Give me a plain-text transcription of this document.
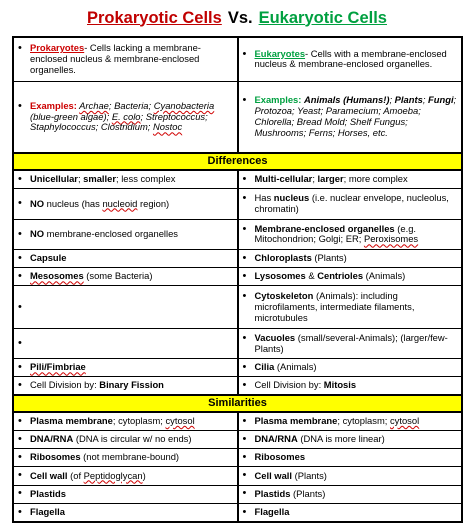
Prokaryotic Cells Vs. Eukaryotic Cells
• Prokaryotes- Cells lacking a membrane-enclosed nucleus & membrane-enclosed organelles.	• Eukaryotes- Cells with a membrane-enclosed nucleus & membrane-enclosed organelles.

• Examples: Archae; Bacteria; Cyanobacteria (blue-green algae); E. colo; Streptococcus; Staphylococcus; Clostridium; Nostoc	• Examples: Animals (Humans!); Plants; Fungi; Protozoa; Yeast; Paramecium; Amoeba; Chlorella; Bread Mold; Shelf Fungus; Mushrooms; Ferns; Horses, etc.

Differences	

• Unicellular; smaller; less complex	• Multi-cellular; larger; more complex

• NO nucleus (has nucleoid region)	• Has nucleus (i.e. nuclear envelope, nucleolus, chromatin)

• NO membrane-enclosed organelles	• Membrane-enclosed organelles (e.g. Mitochondrion; Golgi; ER; Peroxisomes

• Capsule	• Chloroplasts (Plants)

• Mesosomes (some Bacteria)	• Lysosomes & Centrioles (Animals)

•	• Cytoskeleton (Animals): including microfilaments, intermediate filaments, microtubules

•	• Vacuoles (small/several-Animals); (larger/few-Plants)

• Pili/Fimbriae	• Cilia (Animals)

• Cell Division by: Binary Fission	• Cell Division by: Mitosis

Similarities	

• Plasma membrane; cytoplasm; cytosol	• Plasma membrane; cytoplasm; cytosol

• DNA/RNA (DNA is circular w/ no ends)	• DNA/RNA (DNA is more linear)

• Ribosomes (not membrane-bound)	• Ribosomes

• Cell wall (of Peptidoglycan)	• Cell wall (Plants)

• Plastids	• Plastids (Plants)

• Flagella	• Flagella
